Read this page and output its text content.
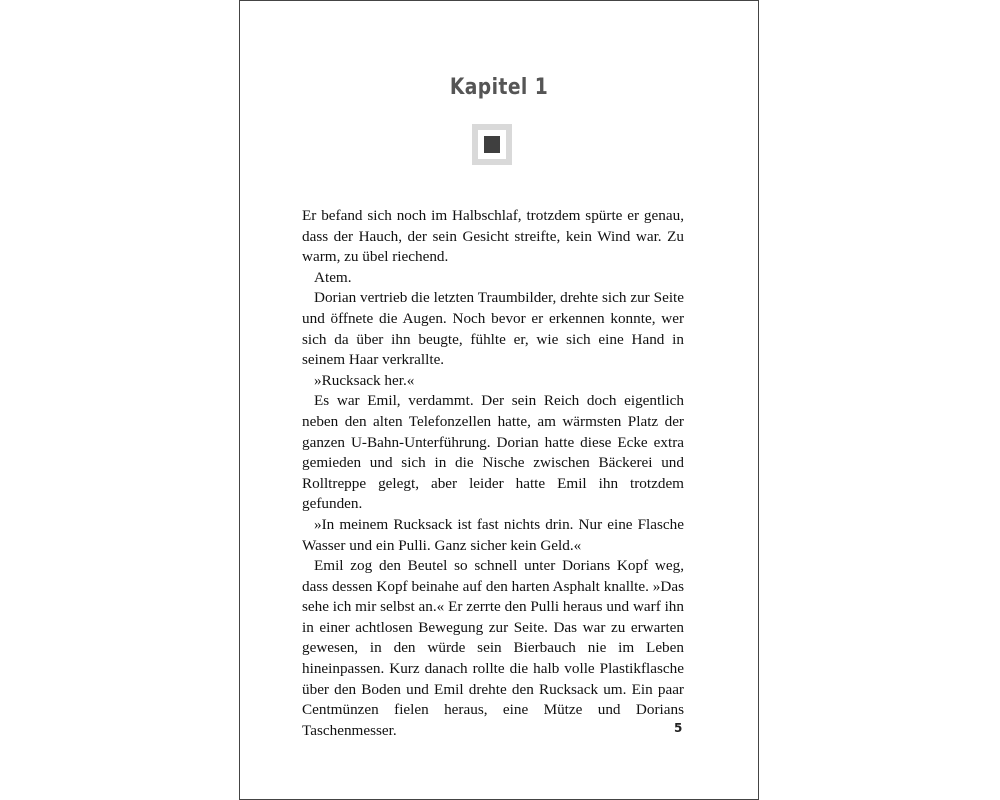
Kapitel 1

Er befand sich noch im Halbschlaf, trotzdem spürte er genau, dass der Hauch, der sein Gesicht streifte, kein Wind war. Zu warm, zu übel riechend.

Atem.

Dorian vertrieb die letzten Traumbilder, drehte sich zur Seite und öffnete die Augen. Noch bevor er erkennen konnte, wer sich da über ihn beugte, fühlte er, wie sich eine Hand in seinem Haar verkrallte.

»Rucksack her.«

Es war Emil, verdammt. Der sein Reich doch eigentlich neben den alten Telefonzellen hatte, am wärmsten Platz der ganzen U-Bahn-Unterführung. Dorian hatte diese Ecke extra gemieden und sich in die Nische zwischen Bäckerei und Rolltreppe gelegt, aber leider hatte Emil ihn trotzdem gefunden.

»In meinem Rucksack ist fast nichts drin. Nur eine Flasche Wasser und ein Pulli. Ganz sicher kein Geld.«

Emil zog den Beutel so schnell unter Dorians Kopf weg, dass dessen Kopf beinahe auf den harten Asphalt knallte. »Das sehe ich mir selbst an.« Er zerrte den Pulli heraus und warf ihn in einer achtlosen Bewegung zur Seite. Das war zu erwarten gewesen, in den würde sein Bierbauch nie im Leben hineinpassen. Kurz danach rollte die halb volle Plastikflasche über den Boden und Emil drehte den Rucksack um. Ein paar Centmünzen fielen heraus, eine Mütze und Dorians Taschenmesser.	5
